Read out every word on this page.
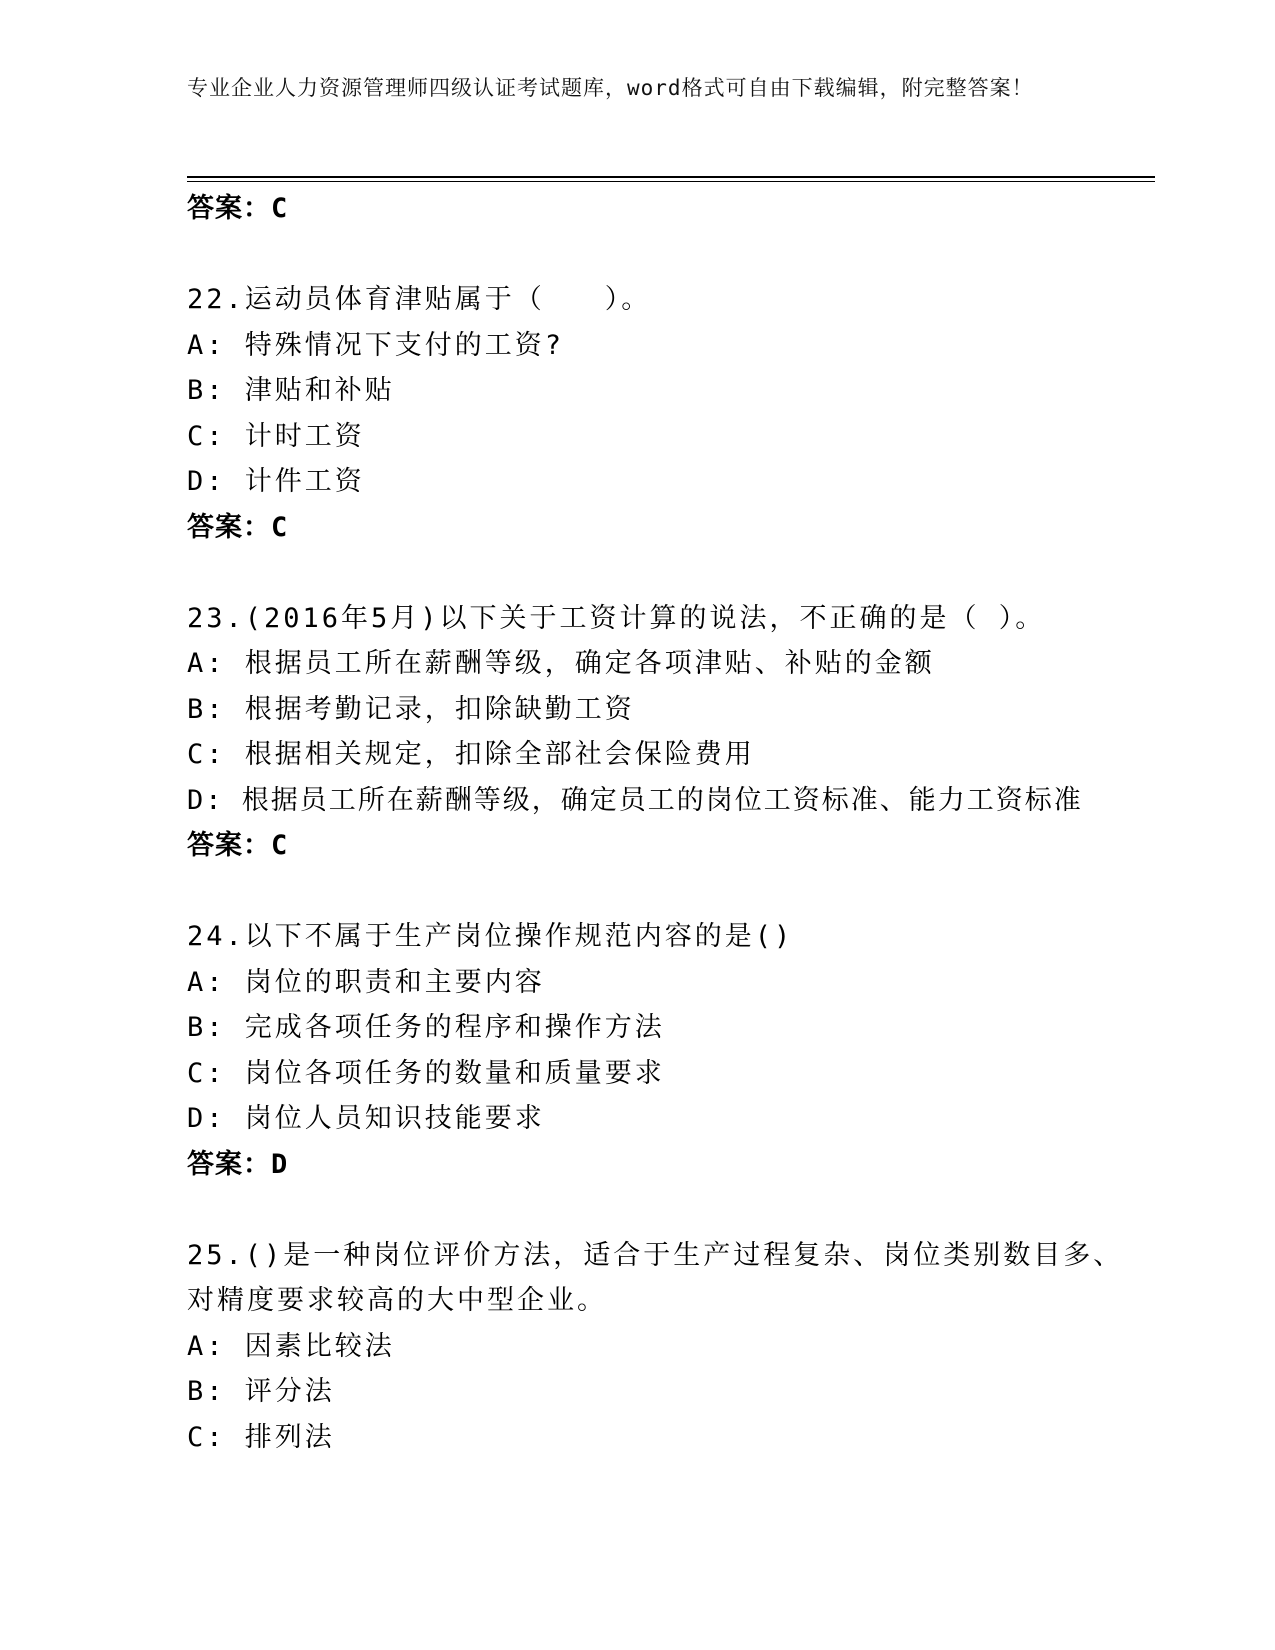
专业企业人力资源管理师四级认证考试题库，word格式可自由下载编辑，附完整答案！
答案：C
22.运动员体育津贴属于（　　）。
A: 特殊情况下支付的工资?
B: 津贴和补贴
C: 计时工资
D: 计件工资
答案：C
23.(2016年5月)以下关于工资计算的说法，不正确的是（ ）。
A: 根据员工所在薪酬等级，确定各项津贴、补贴的金额
B: 根据考勤记录，扣除缺勤工资
C: 根据相关规定，扣除全部社会保险费用
D: 根据员工所在薪酬等级，确定员工的岗位工资标准、能力工资标准
答案：C
24.以下不属于生产岗位操作规范内容的是()
A: 岗位的职责和主要内容
B: 完成各项任务的程序和操作方法
C: 岗位各项任务的数量和质量要求
D: 岗位人员知识技能要求
答案：D
25.()是一种岗位评价方法，适合于生产过程复杂、岗位类别数目多、
对精度要求较高的大中型企业。
A: 因素比较法
B: 评分法
C: 排列法
